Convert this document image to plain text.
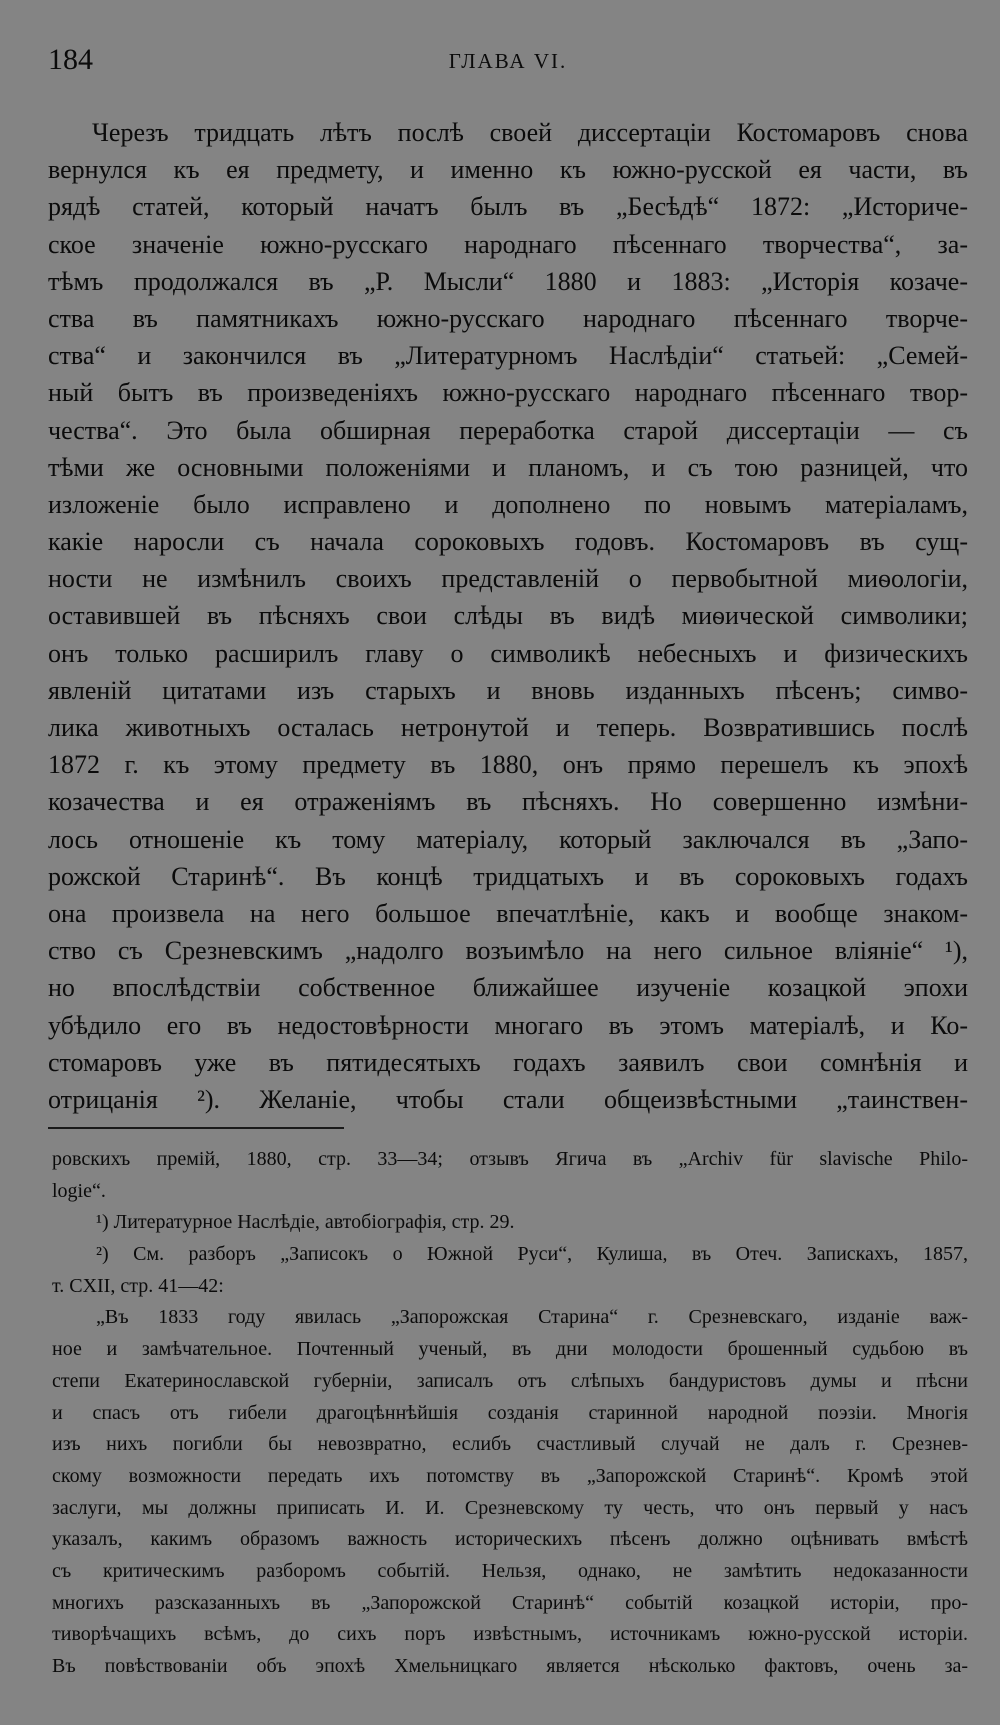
184	ГЛАВА VI.
Черезъ тридцать лѣтъ послѣ своей диссертаціи Костомаровъ снова
вернулся къ ея предмету, и именно къ южно-русской ея части, въ
рядѣ статей, который начатъ былъ въ „Бесѣдѣ“ 1872: „Историче-
ское значеніе южно-русскаго народнаго пѣсеннаго творчества“, за-
тѣмъ продолжался въ „Р. Мысли“ 1880 и 1883: „Исторія козаче-
ства въ памятникахъ южно-русскаго народнаго пѣсеннаго творче-
ства“ и закончился въ „Литературномъ Наслѣдіи“ статьей: „Семей-
ный бытъ въ произведеніяхъ южно-русскаго народнаго пѣсеннаго твор-
чества“. Это была обширная переработка старой диссертаціи — съ
тѣми же основными положеніями и планомъ, и съ тою разницей, что
изложеніе было исправлено и дополнено по новымъ матеріаламъ,
какіе наросли съ начала сороковыхъ годовъ. Костомаровъ въ сущ-
ности не измѣнилъ своихъ представленій о первобытной миѳологіи,
оставившей въ пѣсняхъ свои слѣды въ видѣ миѳической символики;
онъ только расширилъ главу о символикѣ небесныхъ и физическихъ
явленій цитатами изъ старыхъ и вновь изданныхъ пѣсенъ; симво-
лика животныхъ осталась нетронутой и теперь. Возвратившись послѣ
1872 г. къ этому предмету въ 1880, онъ прямо перешелъ къ эпохѣ
козачества и ея отраженіямъ въ пѣсняхъ. Но совершенно измѣни-
лось отношеніе къ тому матеріалу, который заключался въ „Запо-
рожской Старинѣ“. Въ концѣ тридцатыхъ и въ сороковыхъ годахъ
она произвела на него большое впечатлѣніе, какъ и вообще знаком-
ство съ Срезневскимъ „надолго возъимѣло на него сильное вліяніе“ ¹),
но впослѣдствіи собственное ближайшее изученіе козацкой эпохи
убѣдило его въ недостовѣрности многаго въ этомъ матеріалѣ, и Ко-
стомаровъ уже въ пятидесятыхъ годахъ заявилъ свои сомнѣнія и
отрицанія ²). Желаніе, чтобы стали общеизвѣстными „таинствен-
ровскихъ премій, 1880, стр. 33—34; отзывъ Ягича въ „Archiv für slavische Philo-
logie“.
¹) Литературное Наслѣдіе, автобіографія, стр. 29.
²) См. разборъ „Записокъ о Южной Руси“, Кулиша, въ Отеч. Запискахъ, 1857,
т. CXII, стр. 41—42:
„Въ 1833 году явилась „Запорожская Старина“ г. Срезневскаго, изданіе важ-
ное и замѣчательное. Почтенный ученый, въ дни молодости брошенный судьбою въ
степи Екатеринославской губерніи, записалъ отъ слѣпыхъ бандуристовъ думы и пѣсни
и спасъ отъ гибели драгоцѣннѣйшія созданія старинной народной поэзіи. Многія
изъ нихъ погибли бы невозвратно, еслибъ счастливый случай не далъ г. Срезнев-
скому возможности передать ихъ потомству въ „Запорожской Старинѣ“. Кромѣ этой
заслуги, мы должны приписать И. И. Срезневскому ту честь, что онъ первый у насъ
указалъ, какимъ образомъ важность историческихъ пѣсенъ должно оцѣнивать вмѣстѣ
съ критическимъ разборомъ событій. Нельзя, однако, не замѣтить недоказанности
многихъ разсказанныхъ въ „Запорожской Старинѣ“ событій козацкой исторіи, про-
тиворѣчащихъ всѣмъ, до сихъ поръ извѣстнымъ, источникамъ южно-русской исторіи.
Въ повѣствованіи объ эпохѣ Хмельницкаго является нѣсколько фактовъ, очень за-
